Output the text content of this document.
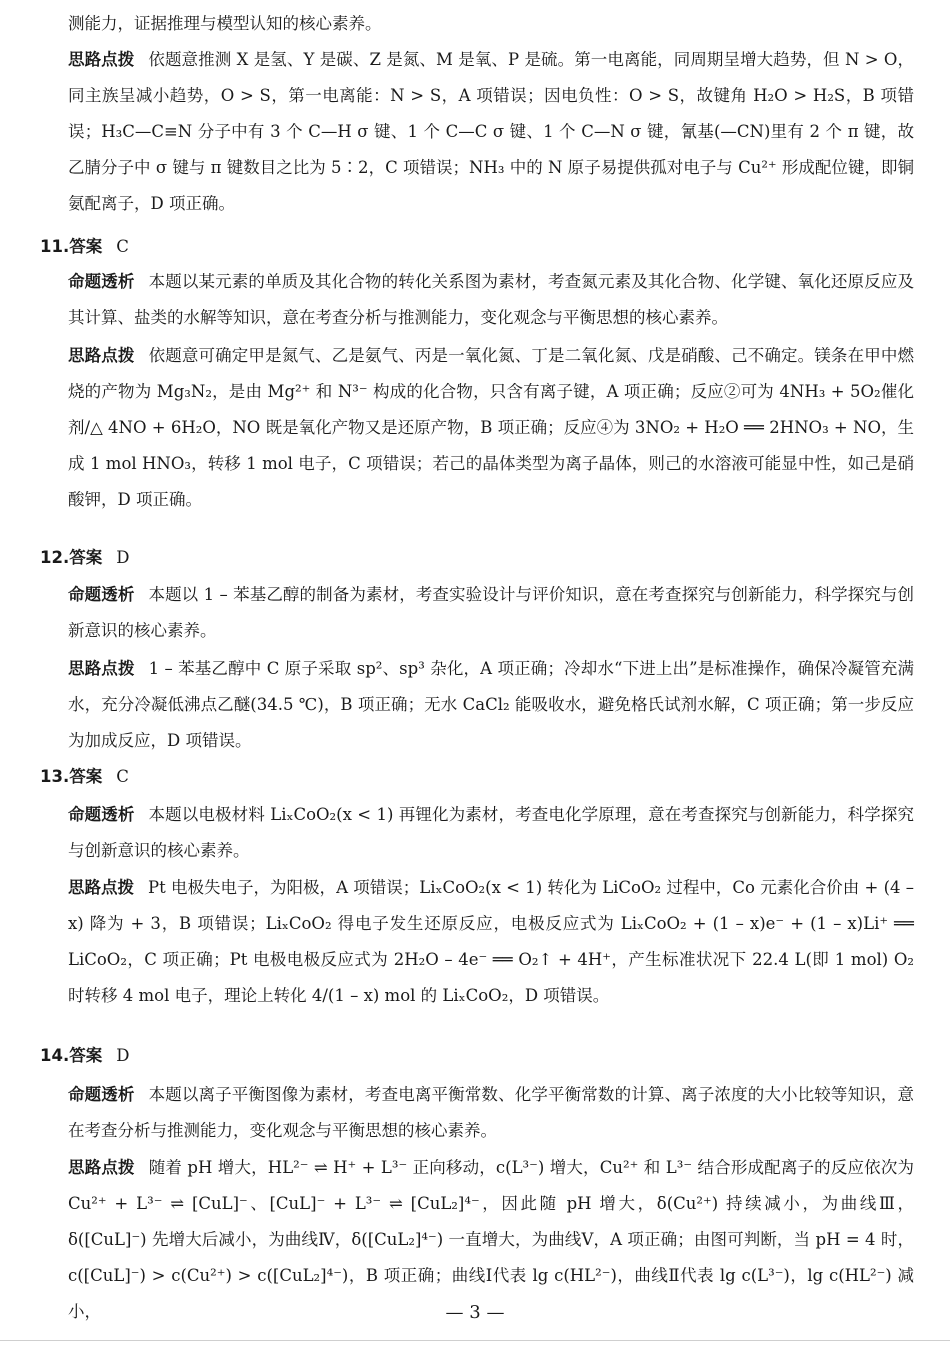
测能力，证据推理与模型认知的核心素养。

思路点拨 依题意推测 X 是氢、Y 是碳、Z 是氮、M 是氧、P 是硫。第一电离能，同周期呈增大趋势，但 N > O，同主族呈减小趋势，O > S，第一电离能：N > S，A 项错误；因电负性：O > S，故键角 H₂O > H₂S，B 项错误；H₃C—C≡N 分子中有 3 个 C—H σ 键、1 个 C—C σ 键、1 个 C—N σ 键，氰基(—CN)里有 2 个 π 键，故乙腈分子中 σ 键与 π 键数目之比为 5∶2，C 项错误；NH₃ 中的 N 原子易提供孤对电子与 Cu²⁺ 形成配位键，即铜氨配离子，D 项正确。

11.答案 C

命题透析 本题以某元素的单质及其化合物的转化关系图为素材，考查氮元素及其化合物、化学键、氧化还原反应及其计算、盐类的水解等知识，意在考查分析与推测能力，变化观念与平衡思想的核心素养。

思路点拨 依题意可确定甲是氮气、乙是氨气、丙是一氧化氮、丁是二氧化氮、戊是硝酸、己不确定。镁条在甲中燃烧的产物为 Mg₃N₂，是由 Mg²⁺ 和 N³⁻ 构成的化合物，只含有离子键，A 项正确；反应②可为 4NH₃ + 5O₂催化剂/△ 4NO + 6H₂O，NO 既是氧化产物又是还原产物，B 项正确；反应④为 3NO₂ + H₂O ══ 2HNO₃ + NO，生成 1 mol HNO₃，转移 1 mol 电子，C 项错误；若己的晶体类型为离子晶体，则己的水溶液可能显中性，如己是硝酸钾，D 项正确。

12.答案 D

命题透析 本题以 1 – 苯基乙醇的制备为素材，考查实验设计与评价知识，意在考查探究与创新能力，科学探究与创新意识的核心素养。

思路点拨 1 – 苯基乙醇中 C 原子采取 sp²、sp³ 杂化，A 项正确；冷却水“下进上出”是标准操作，确保冷凝管充满水，充分冷凝低沸点乙醚(34.5 ℃)，B 项正确；无水 CaCl₂ 能吸收水，避免格氏试剂水解，C 项正确；第一步反应为加成反应，D 项错误。

13.答案 C

命题透析 本题以电极材料 LiₓCoO₂(x < 1) 再锂化为素材，考查电化学原理，意在考查探究与创新能力，科学探究与创新意识的核心素养。

思路点拨 Pt 电极失电子，为阳极，A 项错误；LiₓCoO₂(x < 1) 转化为 LiCoO₂ 过程中，Co 元素化合价由 + (4 – x) 降为 + 3，B 项错误；LiₓCoO₂ 得电子发生还原反应，电极反应式为 LiₓCoO₂ + (1 – x)e⁻ + (1 – x)Li⁺ ══ LiCoO₂，C 项正确；Pt 电极电极反应式为 2H₂O – 4e⁻ ══ O₂↑ + 4H⁺，产生标准状况下 22.4 L(即 1 mol) O₂ 时转移 4 mol 电子，理论上转化 4/(1 – x) mol 的 LiₓCoO₂，D 项错误。

14.答案 D

命题透析 本题以离子平衡图像为素材，考查电离平衡常数、化学平衡常数的计算、离子浓度的大小比较等知识，意在考查分析与推测能力，变化观念与平衡思想的核心素养。

思路点拨 随着 pH 增大，HL²⁻ ⇌ H⁺ + L³⁻ 正向移动，c(L³⁻) 增大，Cu²⁺ 和 L³⁻ 结合形成配离子的反应依次为 Cu²⁺ + L³⁻ ⇌ [CuL]⁻、[CuL]⁻ + L³⁻ ⇌ [CuL₂]⁴⁻，因此随 pH 增大，δ(Cu²⁺) 持续减小，为曲线Ⅲ，δ([CuL]⁻) 先增大后减小，为曲线Ⅳ，δ([CuL₂]⁴⁻) 一直增大，为曲线Ⅴ，A 项正确；由图可判断，当 pH = 4 时，c([CuL]⁻) > c(Cu²⁺) > c([CuL₂]⁴⁻)，B 项正确；曲线Ⅰ代表 lg c(HL²⁻)，曲线Ⅱ代表 lg c(L³⁻)，lg c(HL²⁻) 减小，	— 3 —
